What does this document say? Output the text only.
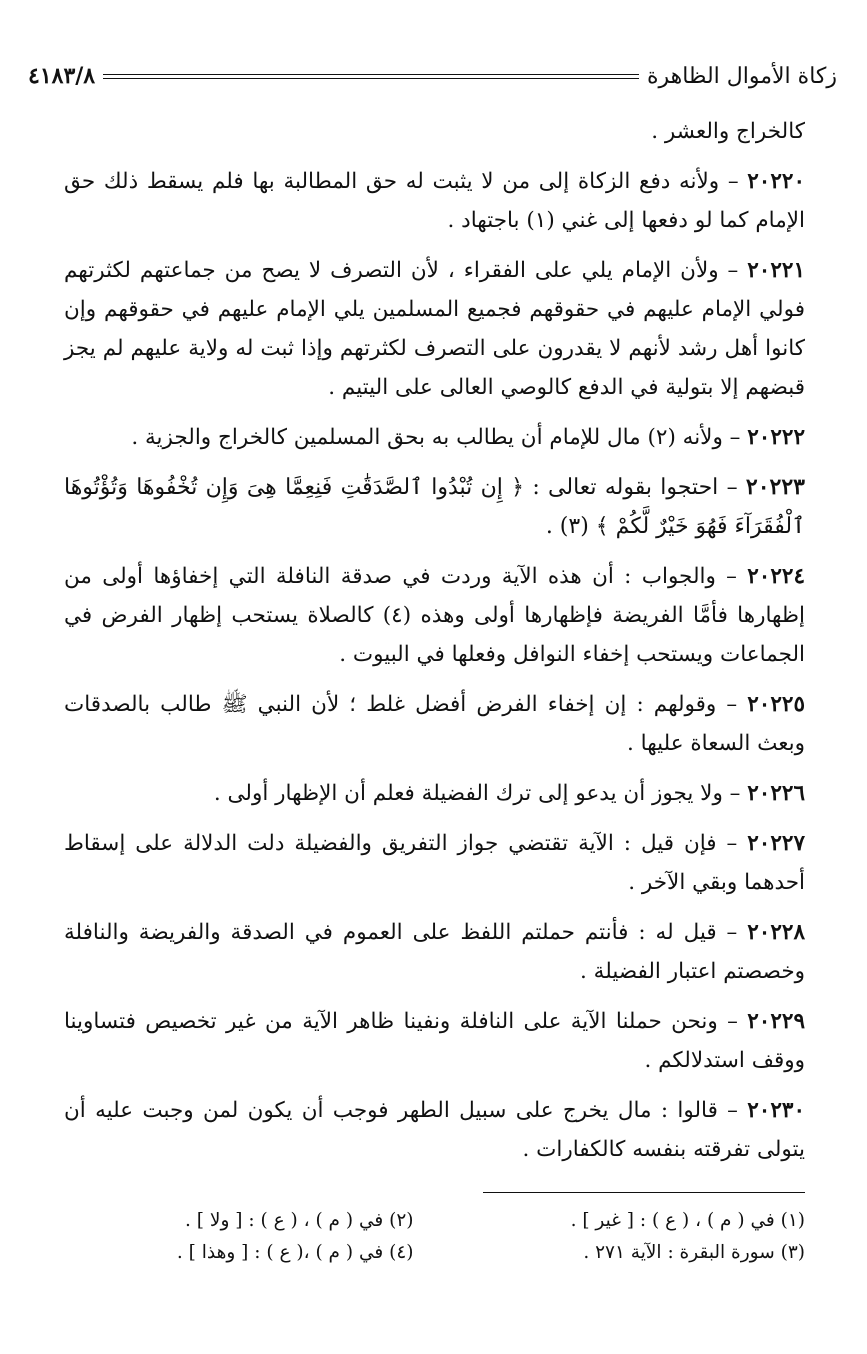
زكاة الأموال الظاهرة
٤١٨٣/٨

كالخراج والعشر .

٢٠٢٢٠ – ولأنه دفع الزكاة إلى من لا يثبت له حق المطالبة بها فلم يسقط ذلك حق الإمام كما لو دفعها إلى غني (١) باجتهاد .

٢٠٢٢١ – ولأن الإمام يلي على الفقراء ، لأن التصرف لا يصح من جماعتهم لكثرتهم فولي الإمام عليهم في حقوقهم فجميع المسلمين يلي الإمام عليهم في حقوقهم وإن كانوا أهل رشد لأنهم لا يقدرون على التصرف لكثرتهم وإذا ثبت له ولاية عليهم لم يجز قبضهم إلا بتولية في الدفع كالوصي العالى على اليتيم .

٢٠٢٢٢ – ولأنه (٢) مال للإمام أن يطالب به بحق المسلمين كالخراج والجزية .

٢٠٢٢٣ – احتجوا بقوله تعالى : ﴿ إِن تُبْدُوا ٱلصَّدَقَٰتِ فَنِعِمَّا هِىَ وَإِن تُخْفُوهَا وَتُؤْتُوهَا ٱلْفُقَرَآءَ فَهُوَ خَيْرٌ لَّكُمْ ﴾ (٣) .

٢٠٢٢٤ – والجواب : أن هذه الآية وردت في صدقة النافلة التي إخفاؤها أولى من إظهارها فأمَّا الفريضة فإظهارها أولى وهذه (٤) كالصلاة يستحب إظهار الفرض في الجماعات ويستحب إخفاء النوافل وفعلها في البيوت .

٢٠٢٢٥ – وقولهم : إن إخفاء الفرض أفضل غلط ؛ لأن النبي ﷺ طالب بالصدقات وبعث السعاة عليها .

٢٠٢٢٦ – ولا يجوز أن يدعو إلى ترك الفضيلة فعلم أن الإظهار أولى .

٢٠٢٢٧ – فإن قيل : الآية تقتضي جواز التفريق والفضيلة دلت الدلالة على إسقاط أحدهما وبقي الآخر .

٢٠٢٢٨ – قيل له : فأنتم حملتم اللفظ على العموم في الصدقة والفريضة والنافلة وخصصتم اعتبار الفضيلة .

٢٠٢٢٩ – ونحن حملنا الآية على النافلة ونفينا ظاهر الآية من غير تخصيص فتساوينا ووقف استدلالكم .

٢٠٢٣٠ – قالوا : مال يخرج على سبيل الطهر فوجب أن يكون لمن وجبت عليه أن يتولى تفرقته بنفسه كالكفارات .

(١) في ( م ) ، ( ع ) : [ غير ] .
(٢) في ( م ) ، ( ع ) : [ ولا ] .
(٣) سورة البقرة : الآية ٢٧١ .
(٤) في ( م ) ،( ع ) : [ وهذا ] .
